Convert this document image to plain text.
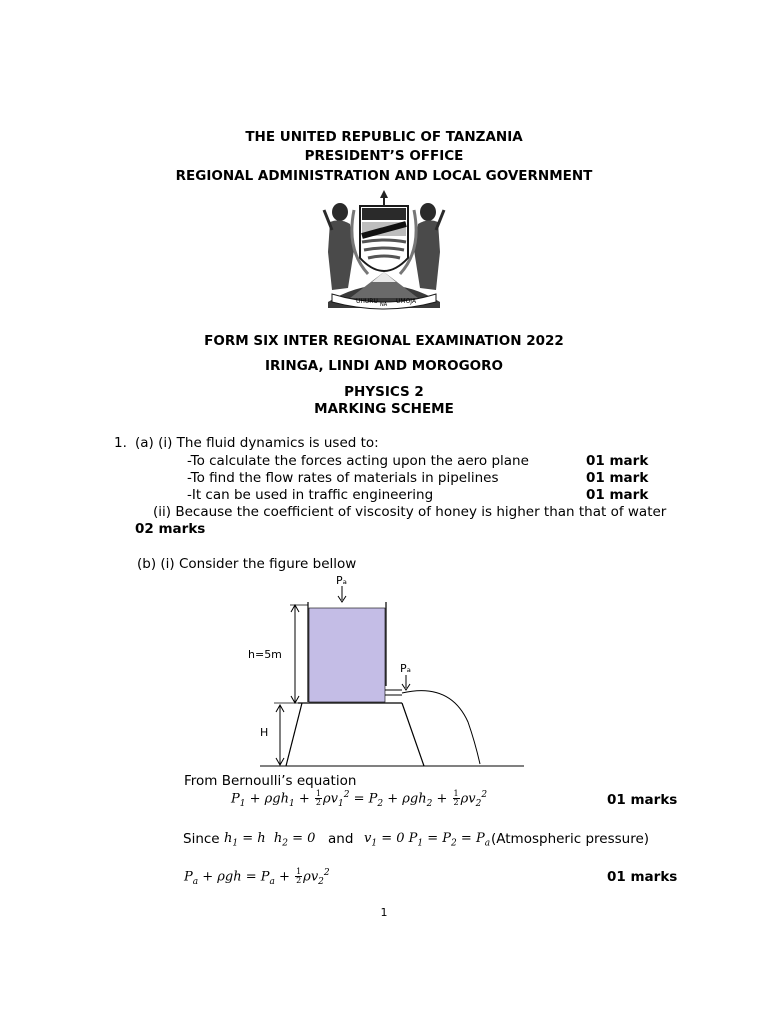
THE UNITED REPUBLIC OF TANZANIA
PRESIDENT’S OFFICE
REGIONAL ADMINISTRATION AND LOCAL GOVERNMENT
UHURU NA UMOJA
FORM SIX INTER REGIONAL EXAMINATION 2022
IRINGA, LINDI AND MOROGORO
PHYSICS 2
MARKING SCHEME
1. (a) (i) The fluid dynamics is used to:
-To calculate the forces acting upon the aero plane	01 mark
-To find the flow rates of materials in pipelines	01 mark
-It can be used in traffic engineering	01 mark
(ii) Because the coefficient of viscosity of honey is higher than that of water
02 marks
(b) (i) Consider the figure bellow
Pₐ
Pₐ
h=5m
H
From Bernoulli’s equation
$P_1 + \rho gh_1 + \frac{1}{2} \rho v_1^2 = P_2 + \rho gh_2 + \frac{1}{2} \rho v_2^2$	01 marks
Since $h_1 = h$  $h_2 = 0$ and $v_1 = 0$ $P_1 = P_2 = P_a$ (Atmospheric pressure)
$P_a + \rho gh = P_a + \frac{1}{2} \rho v_2^2$	01 marks
1
